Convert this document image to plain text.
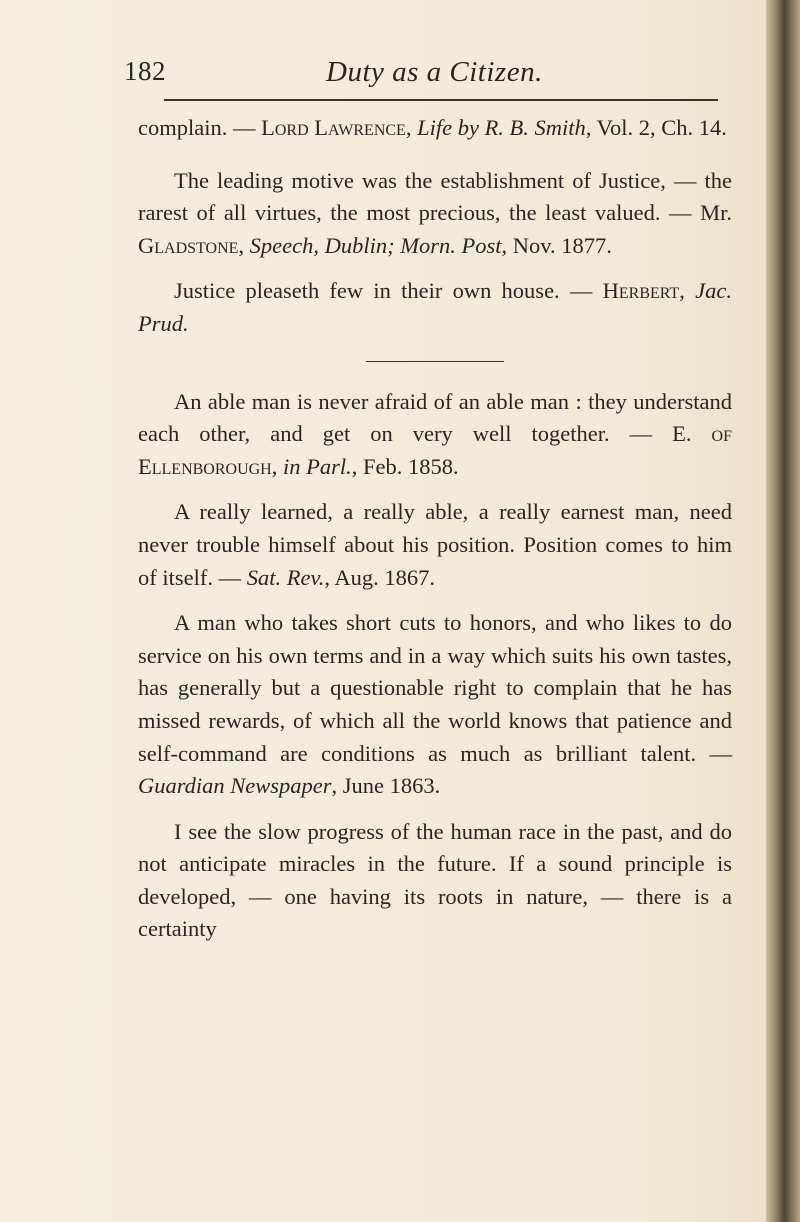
182	Duty as a Citizen.

complain. — Lord Lawrence, Life by R. B. Smith, Vol. 2, Ch. 14.

The leading motive was the establishment of Justice, — the rarest of all virtues, the most precious, the least valued. — Mr. Gladstone, Speech, Dublin; Morn. Post, Nov. 1877.

Justice pleaseth few in their own house. — Herbert, Jac. Prud.

An able man is never afraid of an able man : they understand each other, and get on very well together. — E. of Ellenborough, in Parl., Feb. 1858.

A really learned, a really able, a really earnest man, need never trouble himself about his position. Position comes to him of itself. — Sat. Rev., Aug. 1867.

A man who takes short cuts to honors, and who likes to do service on his own terms and in a way which suits his own tastes, has generally but a questionable right to complain that he has missed rewards, of which all the world knows that patience and self-command are conditions as much as brilliant talent. — Guardian Newspaper, June 1863.

I see the slow progress of the human race in the past, and do not anticipate miracles in the future. If a sound principle is developed, — one having its roots in nature, — there is a certainty
